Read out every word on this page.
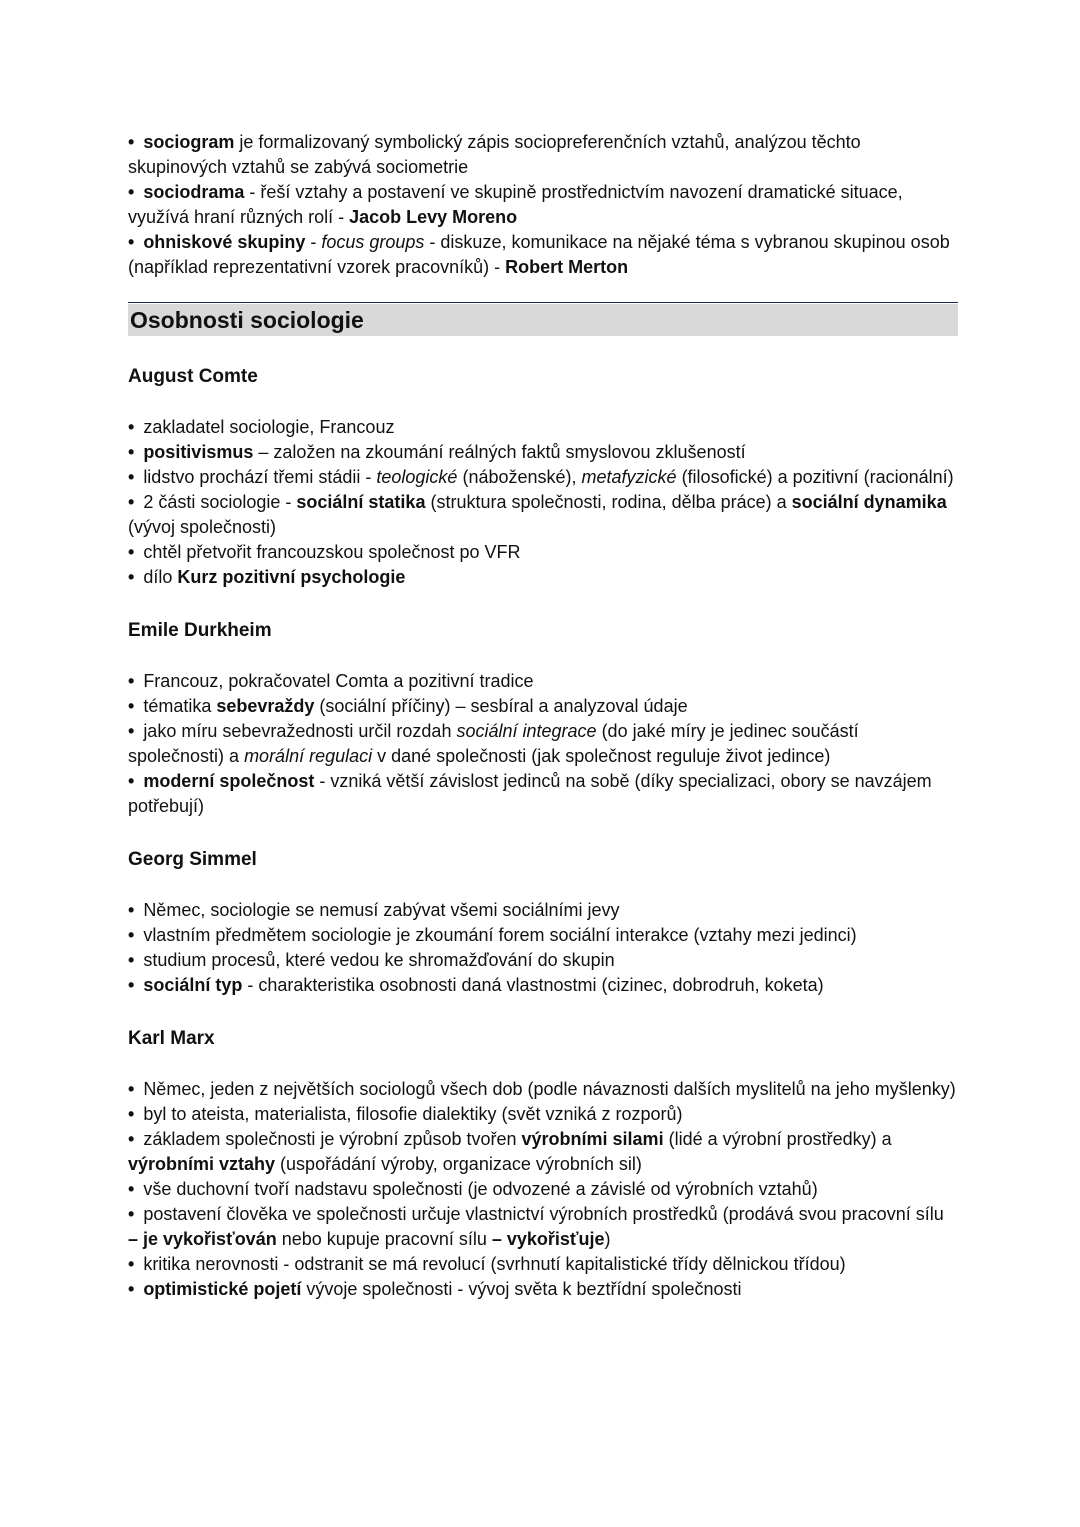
• sociogram je formalizovaný symbolický zápis sociopreferenčních vztahů, analýzou těchto skupinových vztahů se zabývá sociometrie

• sociodrama - řeší vztahy a postavení ve skupině prostřednictvím navození dramatické situace, využívá hraní různých rolí - Jacob Levy Moreno

• ohniskové skupiny - focus groups - diskuze, komunikace na nějaké téma s vybranou skupinou osob (například reprezentativní vzorek pracovníků) - Robert Merton

Osobnosti sociologie

August Comte

• zakladatel sociologie, Francouz

• positivismus – založen na zkoumání reálných faktů smyslovou zklušeností

• lidstvo prochází třemi stádii - teologické (náboženské), metafyzické (filosofické) a pozitivní (racionální)

• 2 části sociologie - sociální statika (struktura společnosti, rodina, dělba práce) a sociální dynamika (vývoj společnosti)

• chtěl přetvořit francouzskou společnost po VFR

• dílo Kurz pozitivní psychologie

Emile Durkheim

• Francouz, pokračovatel Comta a pozitivní tradice

• tématika sebevraždy (sociální příčiny) – sesbíral a analyzoval údaje

• jako míru sebevražednosti určil rozdah sociální integrace (do jaké míry je jedinec součástí společnosti) a morální regulaci v dané společnosti (jak společnost reguluje život jedince)

• moderní společnost - vzniká větší závislost jedinců na sobě (díky specializaci, obory se navzájem potřebují)

Georg Simmel

• Němec, sociologie se nemusí zabývat všemi sociálními jevy

• vlastním předmětem sociologie je zkoumání forem sociální interakce (vztahy mezi jedinci)

• studium procesů, které vedou ke shromažďování do skupin

• sociální typ - charakteristika osobnosti daná vlastnostmi (cizinec, dobrodruh, koketa)

Karl Marx

• Němec, jeden z největších sociologů všech dob (podle návaznosti dalších myslitelů na jeho myšlenky)

• byl to ateista, materialista, filosofie dialektiky (svět vzniká z rozporů)

• základem společnosti je výrobní způsob tvořen výrobními silami (lidé a výrobní prostředky) a výrobními vztahy (uspořádání výroby, organizace výrobních sil)

• vše duchovní tvoří nadstavu společnosti (je odvozené a závislé od výrobních vztahů)

• postavení člověka ve společnosti určuje vlastnictví výrobních prostředků (prodává svou pracovní sílu – je vykořisťován nebo kupuje pracovní sílu – vykořisťuje)

• kritika nerovnosti - odstranit se má revolucí (svrhnutí kapitalistické třídy dělnickou třídou)

• optimistické pojetí vývoje společnosti - vývoj světa k beztřídní společnosti
